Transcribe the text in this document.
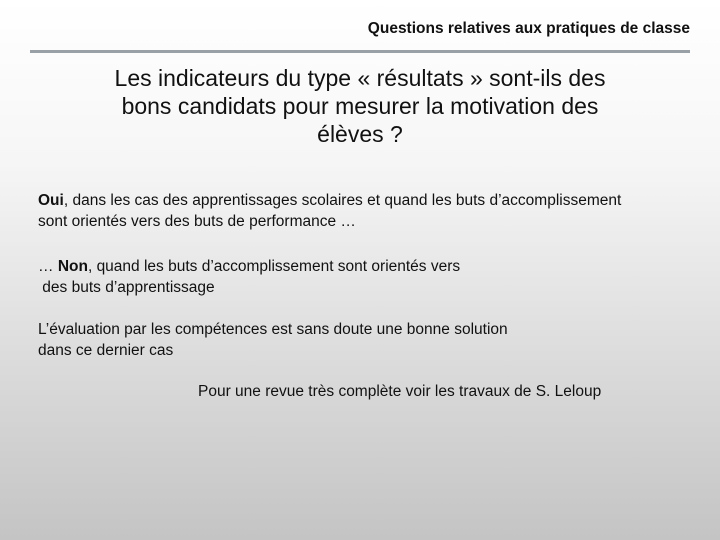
Questions relatives aux pratiques de classe
Les indicateurs du type « résultats » sont-ils des
bons candidats pour mesurer la motivation des
élèves ?
Oui, dans les cas des apprentissages scolaires et quand les buts d’accomplissement
sont orientés vers des buts de performance …
… Non, quand les buts d’accomplissement sont orientés vers
des buts d’apprentissage
L’évaluation par les compétences est sans doute une bonne solution
dans ce dernier cas
Pour une revue très complète voir les travaux de S. Leloup
